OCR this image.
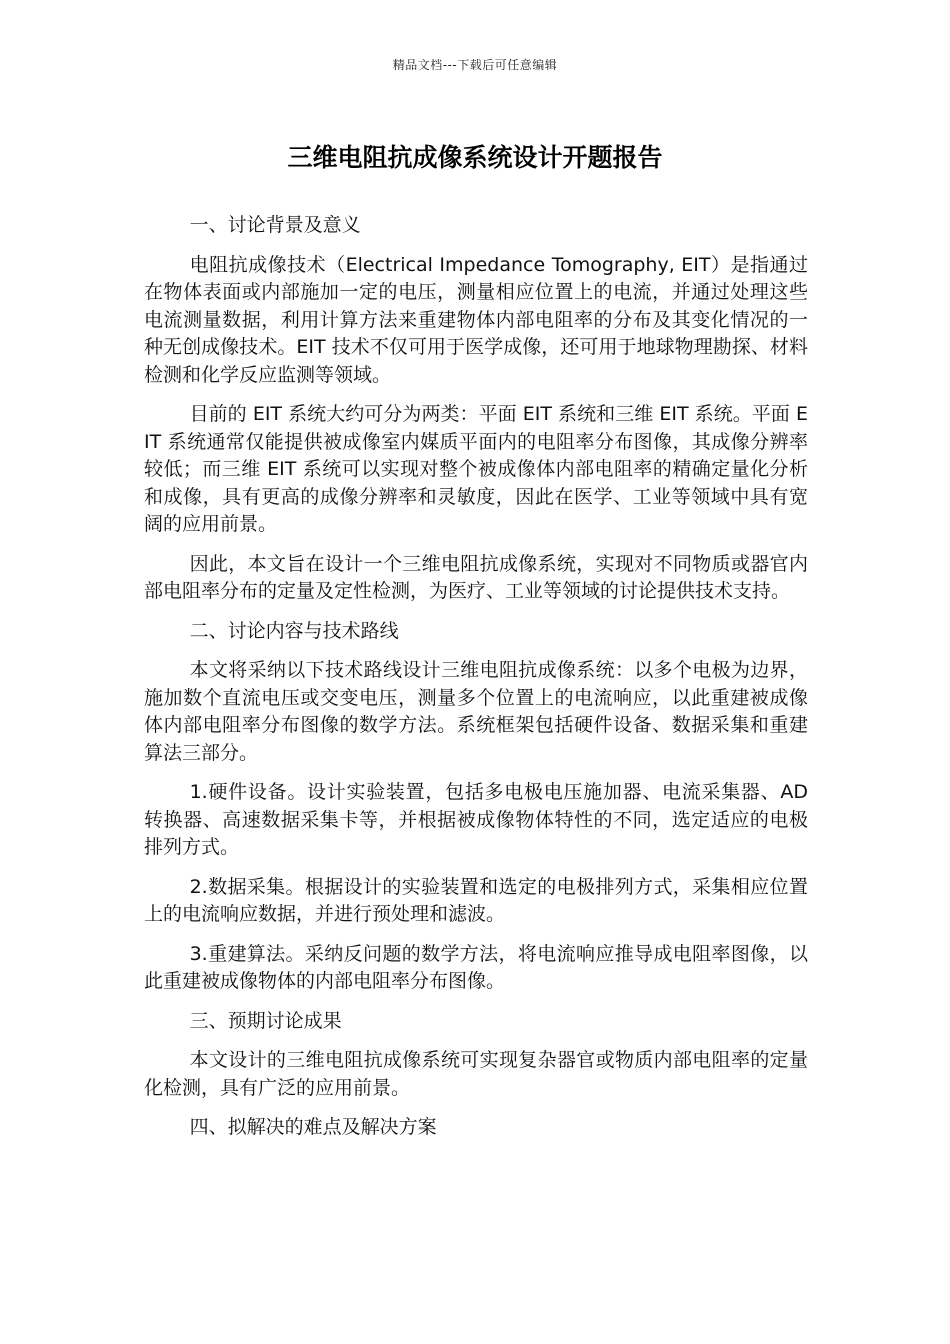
精品文档---下载后可任意编辑
三维电阻抗成像系统设计开题报告

一、讨论背景及意义

电阻抗成像技术（Electrical Impedance Tomography, EIT）是指通过在物体表面或内部施加一定的电压，测量相应位置上的电流，并通过处理这些电流测量数据，利用计算方法来重建物体内部电阻率的分布及其变化情况的一种无创成像技术。EIT 技术不仅可用于医学成像，还可用于地球物理勘探、材料检测和化学反应监测等领域。

目前的 EIT 系统大约可分为两类：平面 EIT 系统和三维 EIT 系统。平面 EIT 系统通常仅能提供被成像室内媒质平面内的电阻率分布图像，其成像分辨率较低；而三维 EIT 系统可以实现对整个被成像体内部电阻率的精确定量化分析和成像，具有更高的成像分辨率和灵敏度，因此在医学、工业等领域中具有宽阔的应用前景。

因此，本文旨在设计一个三维电阻抗成像系统，实现对不同物质或器官内部电阻率分布的定量及定性检测，为医疗、工业等领域的讨论提供技术支持。

二、讨论内容与技术路线

本文将采纳以下技术路线设计三维电阻抗成像系统：以多个电极为边界，施加数个直流电压或交变电压，测量多个位置上的电流响应，以此重建被成像体内部电阻率分布图像的数学方法。系统框架包括硬件设备、数据采集和重建算法三部分。

1.硬件设备。设计实验装置，包括多电极电压施加器、电流采集器、AD 转换器、高速数据采集卡等，并根据被成像物体特性的不同，选定适应的电极排列方式。

2.数据采集。根据设计的实验装置和选定的电极排列方式，采集相应位置上的电流响应数据，并进行预处理和滤波。

3.重建算法。采纳反问题的数学方法，将电流响应推导成电阻率图像，以此重建被成像物体的内部电阻率分布图像。

三、预期讨论成果

本文设计的三维电阻抗成像系统可实现复杂器官或物质内部电阻率的定量化检测，具有广泛的应用前景。

四、拟解决的难点及解决方案
